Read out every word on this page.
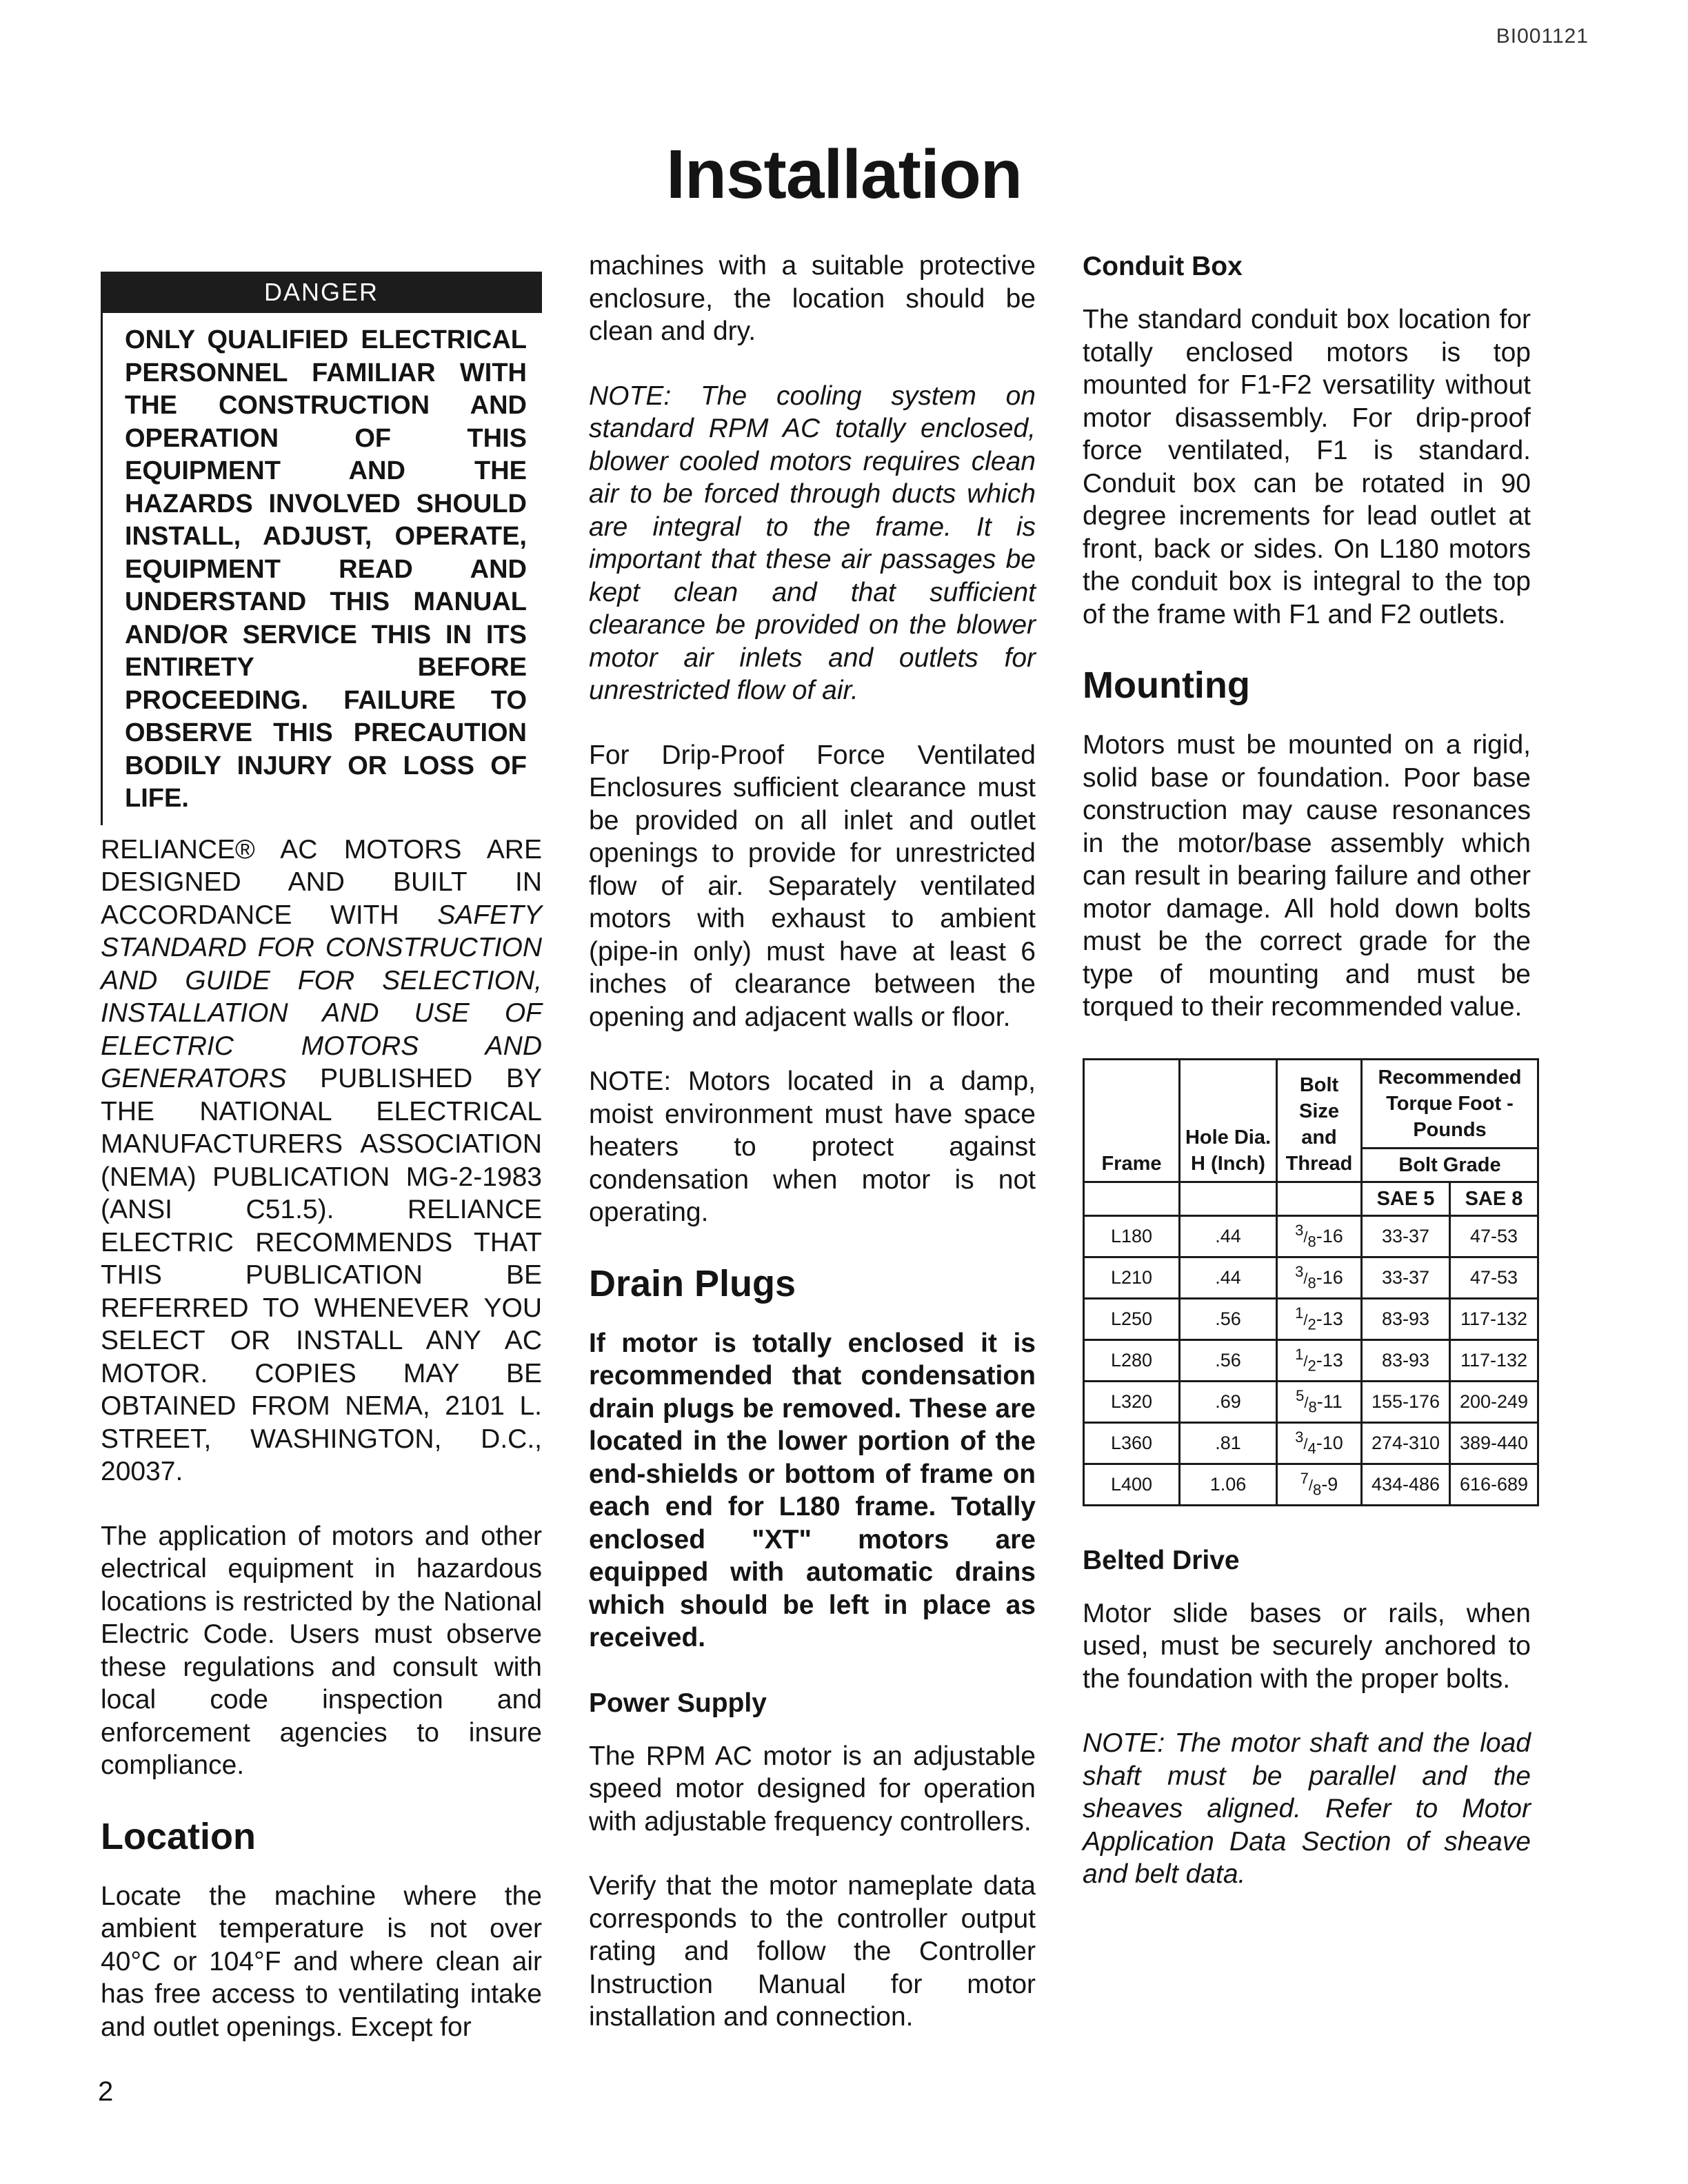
BI001121
Installation
DANGER

ONLY QUALIFIED ELECTRICAL PERSONNEL FAMILIAR WITH THE CONSTRUCTION AND OPERATION OF THIS EQUIPMENT AND THE HAZARDS INVOLVED SHOULD INSTALL, ADJUST, OPERATE, EQUIPMENT READ AND UNDERSTAND THIS MANUAL AND/OR SERVICE THIS IN ITS ENTIRETY BEFORE PROCEEDING. FAILURE TO OBSERVE THIS PRECAUTION BODILY INJURY OR LOSS OF LIFE.

RELIANCE® AC MOTORS ARE DESIGNED AND BUILT IN ACCORDANCE WITH SAFETY STANDARD FOR CONSTRUCTION AND GUIDE FOR SELECTION, INSTALLATION AND USE OF ELECTRIC MOTORS AND GENERATORS PUBLISHED BY THE NATIONAL ELECTRICAL MANUFACTURERS ASSOCIATION (NEMA) PUBLICATION MG-2-1983 (ANSI C51.5). RELIANCE ELECTRIC RECOMMENDS THAT THIS PUBLICATION BE REFERRED TO WHENEVER YOU SELECT OR INSTALL ANY AC MOTOR. COPIES MAY BE OBTAINED FROM NEMA, 2101 L. STREET, WASHINGTON, D.C., 20037.

The application of motors and other electrical equipment in hazardous locations is restricted by the National Electric Code. Users must observe these regulations and consult with local code inspection and enforcement agencies to insure compliance.

Location

Locate the machine where the ambient temperature is not over 40°C or 104°F and where clean air has free access to ventilating intake and outlet openings. Except for

machines with a suitable protective enclosure, the location should be clean and dry.

NOTE: The cooling system on standard RPM AC totally enclosed, blower cooled motors requires clean air to be forced through ducts which are integral to the frame. It is important that these air passages be kept clean and that sufficient clearance be provided on the blower motor air inlets and outlets for unrestricted flow of air.

For Drip-Proof Force Ventilated Enclosures sufficient clearance must be provided on all inlet and outlet openings to provide for unrestricted flow of air. Separately ventilated motors with exhaust to ambient (pipe-in only) must have at least 6 inches of clearance between the opening and adjacent walls or floor.

NOTE: Motors located in a damp, moist environment must have space heaters to protect against condensation when motor is not operating.

Drain Plugs

If motor is totally enclosed it is recommended that condensation drain plugs be removed. These are located in the lower portion of the end-shields or bottom of frame on each end for L180 frame. Totally enclosed "XT" motors are equipped with automatic drains which should be left in place as received.

Power Supply

The RPM AC motor is an adjustable speed motor designed for operation with adjustable frequency controllers.

Verify that the motor nameplate data corresponds to the controller output rating and follow the Controller Instruction Manual for motor installation and connection.

Conduit Box

The standard conduit box location for totally enclosed motors is top mounted for F1-F2 versatility without motor disassembly. For drip-proof force ventilated, F1 is standard. Conduit box can be rotated in 90 degree increments for lead outlet at front, back or sides. On L180 motors the conduit box is integral to the top of the frame with F1 and F2 outlets.

Mounting

Motors must be mounted on a rigid, solid base or foundation. Poor base construction may cause resonances in the motor/base assembly which can result in bearing failure and other motor damage. All hold down bolts must be the correct grade for the type of mounting and must be torqued to their recommended value.

Frame	Hole Dia. H (Inch)	Bolt Size and Thread	Recommended Torque Foot - Pounds	
			Bolt Grade	
			SAE 5	SAE 8
L180	.44	$^3/_8-16$	33-37	47-53
L210	.44	$^3/_8-16$	33-37	47-53
L250	.56	$^1/_2-13$	83-93	117-132
L280	.56	$^1/_2-13$	83-93	117-132
L320	.69	$^5/_8-11$	155-176	200-249
L360	.81	$^3/_4-10$	274-310	389-440
L400	1.06	$^7/_8-9$	434-486	616-689
Belted Drive

Motor slide bases or rails, when used, must be securely anchored to the foundation with the proper bolts.

NOTE: The motor shaft and the load shaft must be parallel and the sheaves aligned. Refer to Motor Application Data Section of sheave and belt data.

2
